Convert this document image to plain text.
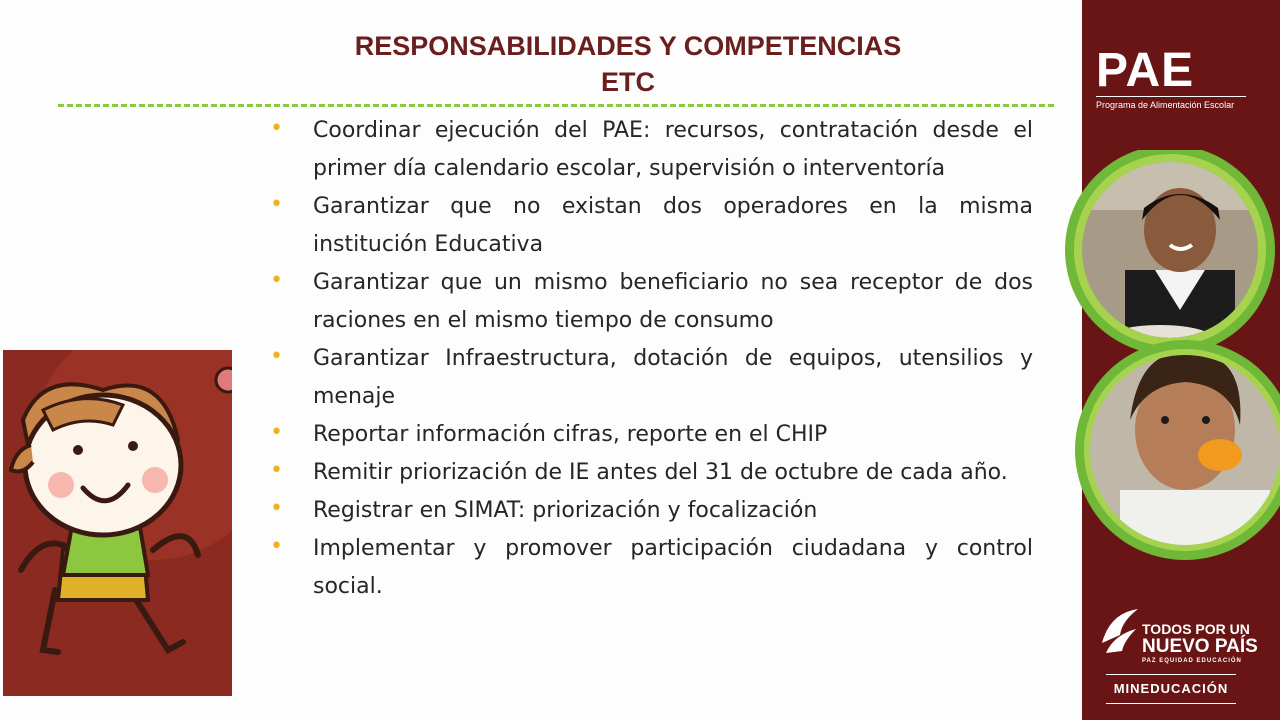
RESPONSABILIDADES Y COMPETENCIAS
ETC
• Coordinar ejecución del PAE: recursos, contratación desde el primer día calendario escolar, supervisión o interventoría
• Garantizar que no existan dos operadores en la misma institución Educativa
• Garantizar que un mismo beneficiario no sea receptor de dos raciones en el mismo tiempo de consumo
• Garantizar Infraestructura, dotación de equipos, utensilios y menaje
• Reportar información cifras, reporte en el CHIP
• Remitir priorización de IE antes del 31 de octubre de cada año.
• Registrar en SIMAT: priorización y focalización
• Implementar y promover participación ciudadana y control social.
PAE
Programa de Alimentación Escolar
TODOS POR UN
NUEVO PAÍS
PAZ EQUIDAD EDUCACIÓN
MINEDUCACIÓN
